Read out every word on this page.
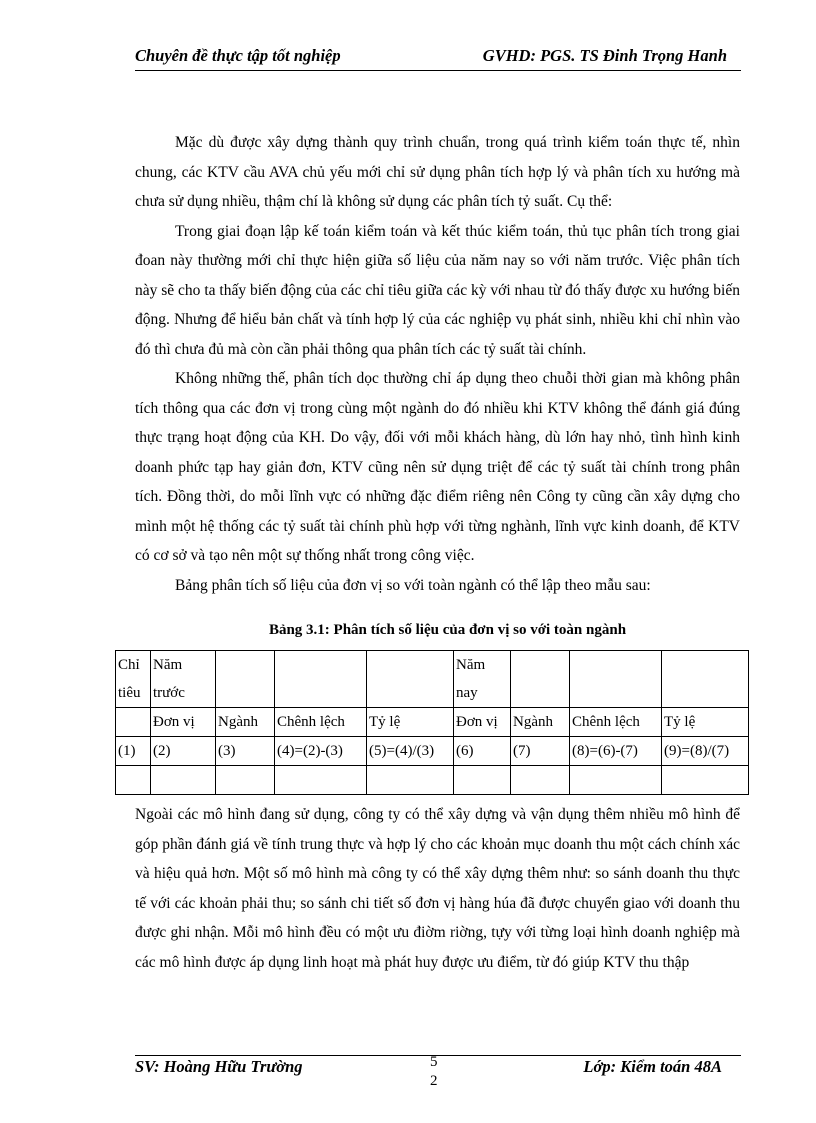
Chuyên đề thực tập tốt nghiệp	GVHD: PGS. TS Đinh Trọng Hanh

Mặc dù được xây dựng thành quy trình chuẩn, trong quá trình kiểm toán thực tế, nhìn chung, các KTV cầu AVA chủ yếu mới chỉ sử dụng phân tích hợp lý và phân tích xu hướng mà chưa sử dụng nhiều, thậm chí là không sử dụng các phân tích tỷ suất. Cụ thể:

Trong giai đoạn lập kế toán kiểm toán và kết thúc kiểm toán, thủ tục phân tích trong giai đoan này thường mới chỉ thực hiện giữa số liệu của năm nay so với năm trước. Việc phân tích này sẽ cho ta thấy biến động của các chỉ tiêu giữa các kỳ với nhau từ đó thấy được xu hướng biến động. Nhưng để hiểu bản chất và tính hợp lý của các nghiệp vụ phát sinh, nhiều khi chỉ nhìn vào đó thì chưa đủ mà còn cần phải thông qua phân tích các tỷ suất tài chính.

Không những thế, phân tích dọc thường chỉ áp dụng theo chuỗi thời gian mà không phân tích thông qua các đơn vị trong cùng một ngành do đó nhiều khi KTV không thể đánh giá đúng thực trạng hoạt động của KH. Do vậy, đối với mỗi khách hàng, dù lớn hay nhỏ, tình hình kinh doanh phức tạp hay giản đơn, KTV cũng nên sử dụng triệt để các tỷ suất tài chính trong phân tích. Đồng thời, do mỗi lĩnh vực có những đặc điểm riêng nên Công ty cũng cần xây dựng cho mình một hệ thống các tỷ suất tài chính phù hợp với từng nghành, lĩnh vực kinh doanh, để KTV có cơ sở và tạo nên một sự thống nhất trong công việc.

Bảng phân tích số liệu của đơn vị so với toàn ngành có thể lập theo mẫu sau:

Bảng 3.1: Phân tích số liệu của đơn vị so với toàn ngành
Chỉ tiêu	Năm trước				Năm nay			
	Đơn vị	Ngành	Chênh lệch	Tỷ lệ	Đơn vị	Ngành	Chênh lệch	Tỷ lệ
(1)	(2)	(3)	(4)=(2)-(3)	(5)=(4)/(3)	(6)	(7)	(8)=(6)-(7)	(9)=(8)/(7)

Ngoài các mô hình đang sử dụng, công ty có thể xây dựng và vận dụng thêm nhiều mô hình để góp phần đánh giá về tính trung thực và hợp lý cho các khoản mục doanh thu một cách chính xác và hiệu quả hơn. Một số mô hình mà công ty có thể xây dựng thêm như: so sánh doanh thu thực tế với các khoản phải thu; so sánh chi tiết số đơn vị hàng húa đã được chuyển giao với doanh thu được ghi nhận. Mỗi mô hình đều có một ưu điờm riờng, tựy với từng loại hình doanh nghiệp mà các mô hình được áp dụng linh hoạt mà phát huy được ưu điểm, từ đó giúp KTV thu thập

SV: Hoàng Hữu Trường	5
2
Lớp: Kiểm toán 48A
